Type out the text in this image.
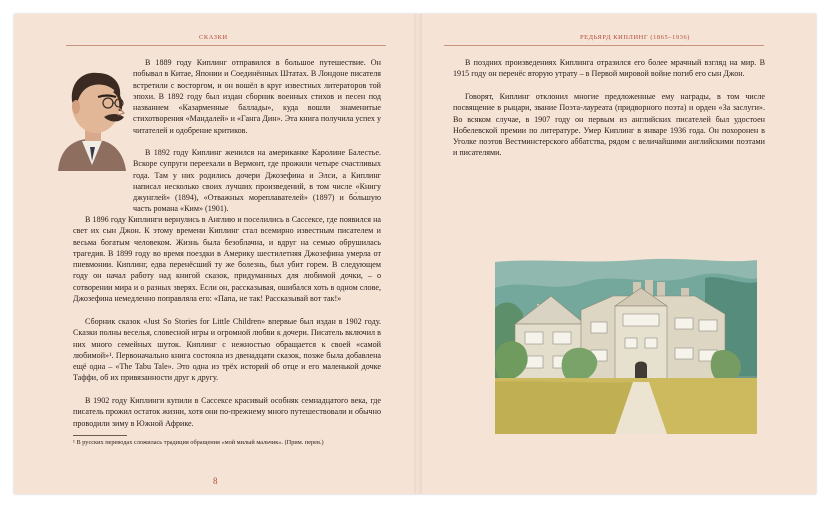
СКАЗКИ	РЕДЬЯРД КИПЛИНГ (1865–1936)

В 1889 году Киплинг отправился в большое путешествие. Он побывал в Китае, Японии и Соединённых Штатах. В Лондоне писателя встретили с восторгом, и он вошёл в круг известных литераторов той эпохи. В 1892 году был издан сборник военных стихов и песен под названием «Казарменные баллады», куда вошли знаменитые стихотворения «Мандалей» и «Ганга Дин». Эта книга получила успех у читателей и одобрение критиков.

В 1892 году Киплинг женился на американке Каролине Балестье. Вскоре супруги переехали в Вермонт, где прожили четыре счастливых года. Там у них родились дочери Джозефина и Элси, а Киплинг написал несколько своих лучших произведений, в том числе «Книгу джунглей» (1894), «Отважных мореплавателей» (1897) и бо́льшую часть романа «Ким» (1901).

В 1896 году Киплинги вернулись в Англию и поселились в Сассексе, где появился на свет их сын Джон. К этому времени Киплинг стал всемирно известным писателем и весьма богатым человеком. Жизнь была безоблачна, и вдруг на семью обрушилась трагедия. В 1899 году во время поездки в Америку шестилетняя Джозефина умерла от пневмонии. Киплинг, едва перенёсший ту же болезнь, был убит горем. В следующем году он начал работу над книгой сказок, придуманных для любимой дочки, – о сотворении мира и о разных зверях. Если он, рассказывая, ошибался хоть в одном слове, Джозефина немедленно поправляла его: «Папа, не так! Рассказывай вот так!»

Сборник сказок «Just So Stories for Little Children» впервые был издан в 1902 году. Сказки полны веселья, словесной игры и огромной любви к дочери. Писатель включил в них много семейных шуток. Киплинг с нежностью обращается к своей «самой любимой»¹. Первоначально книга состояла из двенадцати сказок, позже была добавлена ещё одна – «The Tabu Tale». Это одна из трёх историй об отце и его маленькой дочке Таффи, об их привязанности друг к другу.

В 1902 году Киплинги купили в Сассексе красивый особняк семнадцатого века, где писатель прожил остаток жизни, хотя они по-прежнему много путешествовали и обычно проводили зиму в Южной Африке.

¹ В русских переводах сложилась традиция обращения «мой милый мальчик». (Прим. перев.)
8

В поздних произведениях Киплинга отразился его более мрачный взгляд на мир. В 1915 году он перенёс вторую утрату – в Первой мировой войне погиб его сын Джон.

Говорят, Киплинг отклонил многие предложенные ему награды, в том числе посвящение в рыцари, звание Поэта-лауреата (придворного поэта) и орден «За заслуги». Во всяком случае, в 1907 году он первым из английских писателей был удостоен Нобелевской премии по литературе. Умер Киплинг в январе 1936 года. Он похоронен в Уголке поэтов Вестминстерского аббатства, рядом с величайшими английскими поэтами и писателями.
